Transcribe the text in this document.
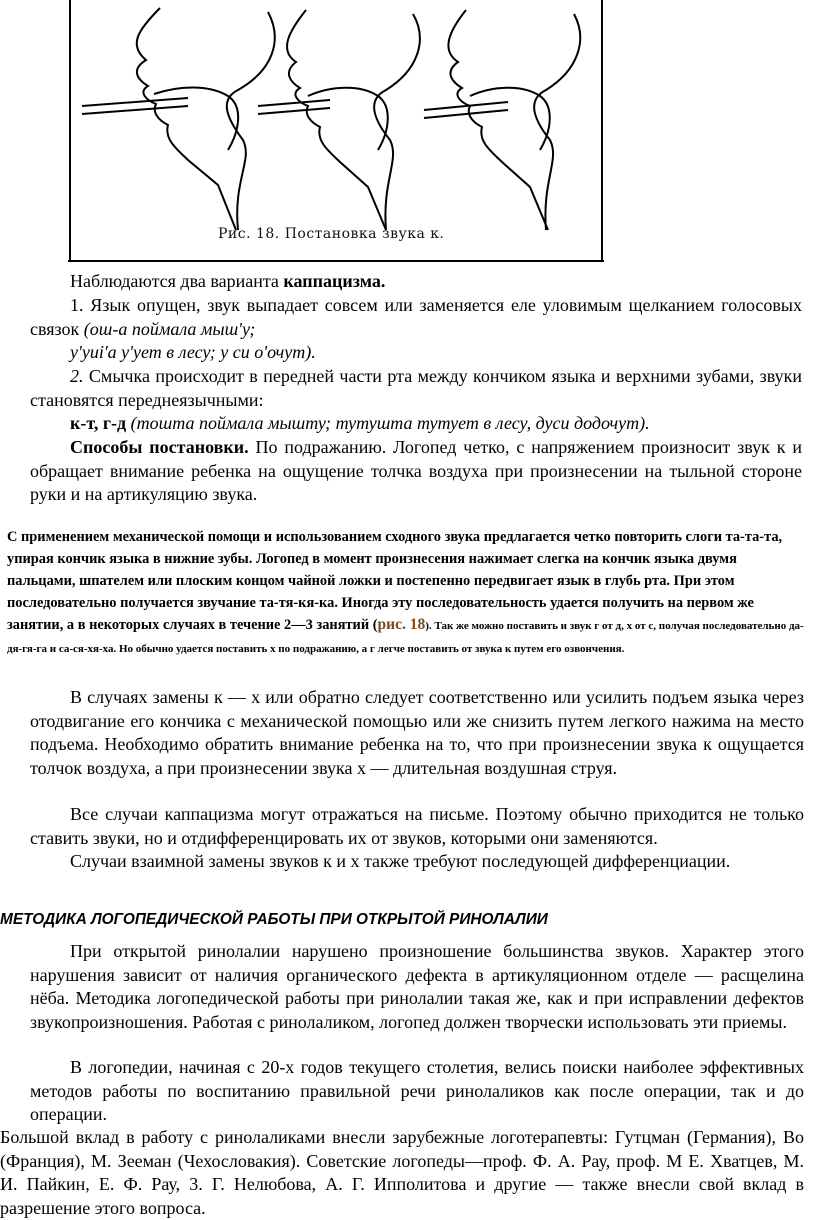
Рис. 18. Постановка звука к.

Наблюдаются два варианта каппацизма.

1. Язык опущен, звук выпадает совсем или заменяется еле уловимым щелканием голосовых связок (ош-а поймала мыш'у;

у'уиі'а у'ует в лесу; у си о'очут).

2. Смычка происходит в передней части рта между кончиком языка и верхними зубами, звуки становятся переднеязычными:

к-т, г-д (тошта поймала мышту; тутушта тутует в лесу, дуси додочут).

Способы постановки. По подражанию. Логопед четко, с напряжением произносит звук к и обращает внимание ребенка на ощущение толчка воздуха при произнесении на тыльной стороне руки и на артикуляцию звука.

С применением механической помощи и использованием сходного звука предлагается четко повторить слоги та-та-та, упирая кончик языка в нижние зубы. Логопед в момент произнесения нажимает слегка на кончик языка двумя пальцами, шпателем или плоским концом чайной ложки и постепенно передвигает язык в глубь рта. При этом последовательно получается звучание та-тя-кя-ка. Иногда эту последовательность удается получить на первом же занятии, а в некоторых случаях в течение 2—3 занятий (рис. 18). Так же можно поставить и звук г от д, х от с, получая последовательно да-дя-гя-га и са-ся-хя-ха. Но обычно удается поставить х по подражанию, а г легче поставить от звука к путем его озвончения.

В случаях замены к — х или обратно следует соответственно или усилить подъем языка через отодвигание его кончика с механической помощью или же снизить путем легкого нажима на место подъема. Необходимо обратить внимание ребенка на то, что при произнесении звука к ощущается толчок воздуха, а при произнесении звука х — длительная воздушная струя.

Все случаи каппацизма могут отражаться на письме. Поэтому обычно приходится не только ставить звуки, но и отдифференцировать их от звуков, которыми они заменяются.

Случаи взаимной замены звуков к и х также требуют последующей дифференциации.

МЕТОДИКА ЛОГОПЕДИЧЕСКОЙ РАБОТЫ ПРИ ОТКРЫТОЙ РИНОЛАЛИИ

При открытой ринолалии нарушено произношение большинства звуков. Характер этого нарушения зависит от наличия органического дефекта в артикуляционном отделе — расщелина нёба. Методика логопедической работы при ринолалии такая же, как и при исправлении дефектов звукопроизношения. Работая с ринолаликом, логопед должен творчески использовать эти приемы.

В логопедии, начиная с 20-х годов текущего столетия, велись поиски наиболее эффективных методов работы по воспитанию правильной речи ринолаликов как после операции, так и до операции.

Большой вклад в работу с ринолаликами внесли зарубежные логотерапевты: Гутцман (Германия), Во (Франция), М. Зееман (Чехословакия). Советские логопеды—проф. Ф. А. Рау, проф. М Е. Хватцев, М. И. Пайкин, Е. Ф. Рау, 3. Г. Нелюбова, А. Г. Ипполитова и другие — также внесли свой вклад в разрешение этого вопроса.
